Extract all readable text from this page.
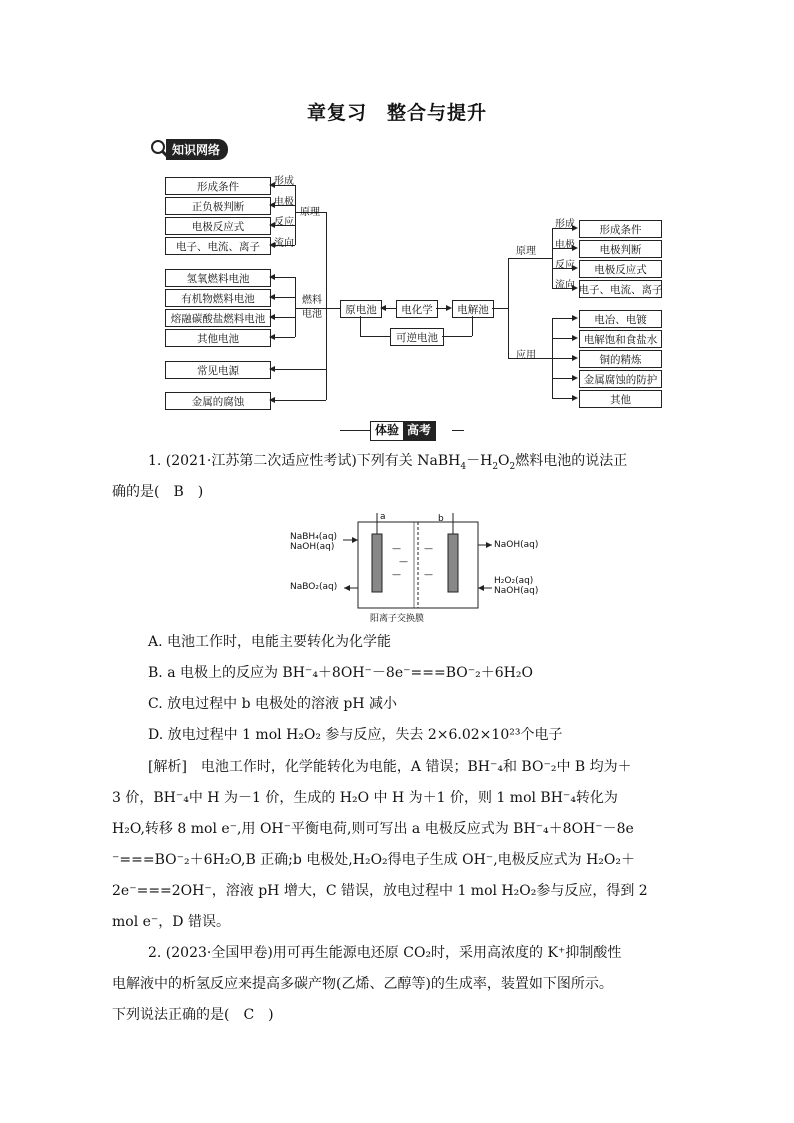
章复习　整合与提升
知识网络
形成条件
正负极判断
电极反应式
电子、电流、离子
氢氧燃料电池
有机物燃料电池
熔融碳酸盐燃料电池
其他电池
常见电源
金属的腐蚀
形成
电极
反应
流向
原理
燃料电池	原电池	电化学	电解池
可逆电池
形成
电极
反应
流向
原理
应用
形成条件
电极判断
电极反应式
电子、电流、离子
电冶、电镀
电解饱和食盐水
铜的精炼
金属腐蚀的防护
其他
体验 高考

1. (2021·江苏第二次适应性考试)下列有关 $NaBH_4-H_2O_2$燃料电池的说法正

确的是(　B　)

a	b
NaBH₄(aq)
NaOH(aq)
NaBO₂(aq)
NaOH(aq)
H₂O₂(aq)
NaOH(aq)
阳离子交换膜
—
—
—
—
—

A. 电池工作时，电能主要转化为化学能

B. a 电极上的反应为 BH⁻₄＋8OH⁻－8e⁻===BO⁻₂＋6H₂O

C. 放电过程中 b 电极处的溶液 pH 减小

D. 放电过程中 1 mol H₂O₂ 参与反应，失去 2×6.02×10²³个电子

[解析]　电池工作时，化学能转化为电能，A 错误；BH⁻₄和 BO⁻₂中 B 均为＋

3 价，BH⁻₄中 H 为－1 价，生成的 H₂O 中 H 为＋1 价，则 1 mol BH⁻₄转化为

H₂O,转移 8 mol e⁻,用 OH⁻平衡电荷,则可写出 a 电极反应式为 BH⁻₄＋8OH⁻－8e

⁻===BO⁻₂＋6H₂O,B 正确;b 电极处,H₂O₂得电子生成 OH⁻,电极反应式为 H₂O₂＋

2e⁻===2OH⁻，溶液 pH 增大，C 错误，放电过程中 1 mol H₂O₂参与反应，得到 2

mol e⁻，D 错误。

2. (2023·全国甲卷)用可再生能源电还原 CO₂时，采用高浓度的 K⁺抑制酸性

电解液中的析氢反应来提高多碳产物(乙烯、乙醇等)的生成率，装置如下图所示。

下列说法正确的是(　C　)
